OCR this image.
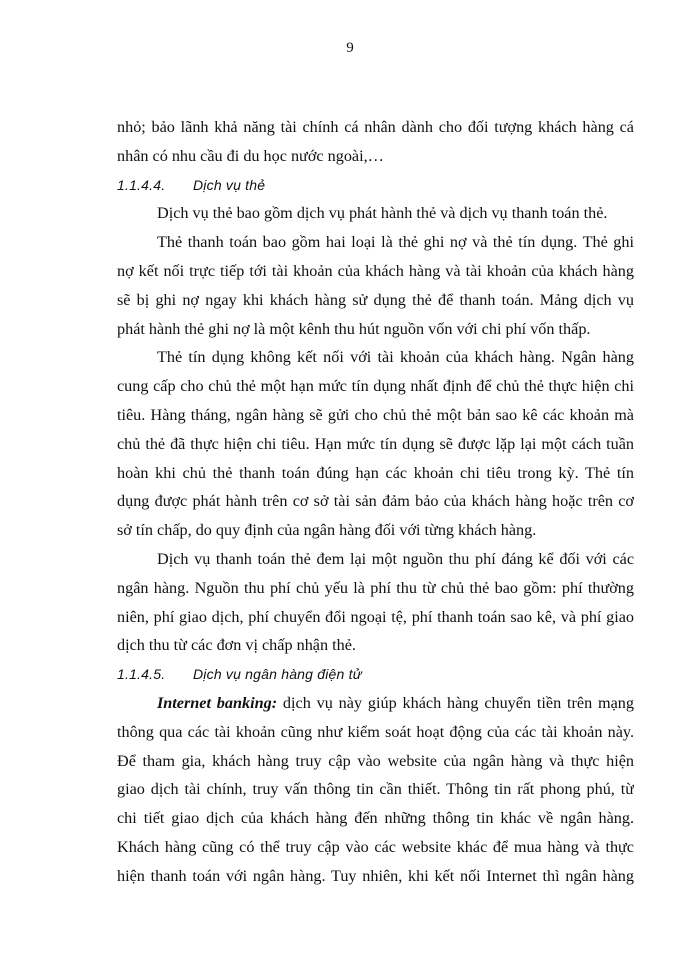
9
nhỏ; bảo lãnh khả năng tài chính cá nhân dành cho đối tượng khách hàng cá
nhân có nhu cầu đi du học nước ngoài,…
1.1.4.4. Dịch vụ thẻ
Dịch vụ thẻ bao gồm dịch vụ phát hành thẻ và dịch vụ thanh toán thẻ.
Thẻ thanh toán bao gồm hai loại là thẻ ghi nợ và thẻ tín dụng. Thẻ ghi
nợ kết nối trực tiếp tới tài khoản của khách hàng và tài khoản của khách hàng
sẽ bị ghi nợ ngay khi khách hàng sử dụng thẻ để thanh toán. Mảng dịch vụ
phát hành thẻ ghi nợ là một kênh thu hút nguồn vốn với chi phí vốn thấp.
Thẻ tín dụng không kết nối với tài khoản của khách hàng. Ngân hàng
cung cấp cho chủ thẻ một hạn mức tín dụng nhất định để chủ thẻ thực hiện chi
tiêu. Hàng tháng, ngân hàng sẽ gửi cho chủ thẻ một bản sao kê các khoản mà
chủ thẻ đã thực hiện chi tiêu. Hạn mức tín dụng sẽ được lặp lại một cách tuần
hoàn khi chủ thẻ thanh toán đúng hạn các khoản chi tiêu trong kỳ. Thẻ tín
dụng được phát hành trên cơ sở tài sản đảm bảo của khách hàng hoặc trên cơ
sở tín chấp, do quy định của ngân hàng đối với từng khách hàng.
Dịch vụ thanh toán thẻ đem lại một nguồn thu phí đáng kể đối với các
ngân hàng. Nguồn thu phí chủ yếu là phí thu từ chủ thẻ bao gồm: phí thường
niên, phí giao dịch, phí chuyển đổi ngoại tệ, phí thanh toán sao kê, và phí giao
dịch thu từ các đơn vị chấp nhận thẻ.
1.1.4.5. Dịch vụ ngân hàng điện tử
Internet banking: dịch vụ này giúp khách hàng chuyển tiền trên mạng
thông qua các tài khoản cũng như kiểm soát hoạt động của các tài khoản này.
Để tham gia, khách hàng truy cập vào website của ngân hàng và thực hiện
giao dịch tài chính, truy vấn thông tin cần thiết. Thông tin rất phong phú, từ
chi tiết giao dịch của khách hàng đến những thông tin khác về ngân hàng.
Khách hàng cũng có thể truy cập vào các website khác để mua hàng và thực
hiện thanh toán với ngân hàng. Tuy nhiên, khi kết nối Internet thì ngân hàng
